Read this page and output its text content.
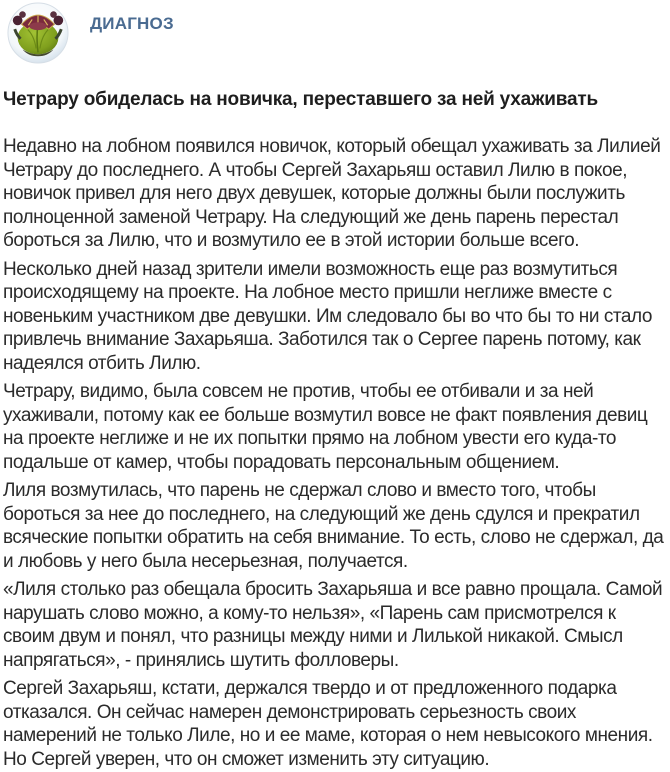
ДИАГНОЗ
Четрару обиделась на новичка, переставшего за ней ухаживать

Недавно на лобном появился новичок, который обещал ухаживать за Лилией Четрару до последнего. А чтобы Сергей Захарьяш оставил Лилю в покое, новичок привел для него двух девушек, которые должны были послужить полноценной заменой Четрару. На следующий же день парень перестал бороться за Лилю, что и возмутило ее в этой истории больше всего.

Несколько дней назад зрители имели возможность еще раз возмутиться происходящему на проекте. На лобное место пришли неглиже вместе с новеньким участником две девушки. Им следовало бы во что бы то ни стало привлечь внимание Захарьяша. Заботился так о Сергее парень потому, как надеялся отбить Лилю.

Четрару, видимо, была совсем не против, чтобы ее отбивали и за ней ухаживали, потому как ее больше возмутил вовсе не факт появления девиц на проекте неглиже и не их попытки прямо на лобном увести его куда-то подальше от камер, чтобы порадовать персональным общением.

Лиля возмутилась, что парень не сдержал слово и вместо того, чтобы бороться за нее до последнего, на следующий же день сдулся и прекратил всяческие попытки обратить на себя внимание. То есть, слово не сдержал, да и любовь у него была несерьезная, получается.

«Лиля столько раз обещала бросить Захарьяша и все равно прощала. Самой нарушать слово можно, а кому-то нельзя», «Парень сам присмотрелся к своим двум и понял, что разницы между ними и Лилькой никакой. Смысл напрягаться», - принялись шутить фолловеры.

Сергей Захарьяш, кстати, держался твердо и от предложенного подарка отказался. Он сейчас намерен демонстрировать серьезность своих намерений не только Лиле, но и ее маме, которая о нем невысокого мнения. Но Сергей уверен, что он сможет изменить эту ситуацию.
